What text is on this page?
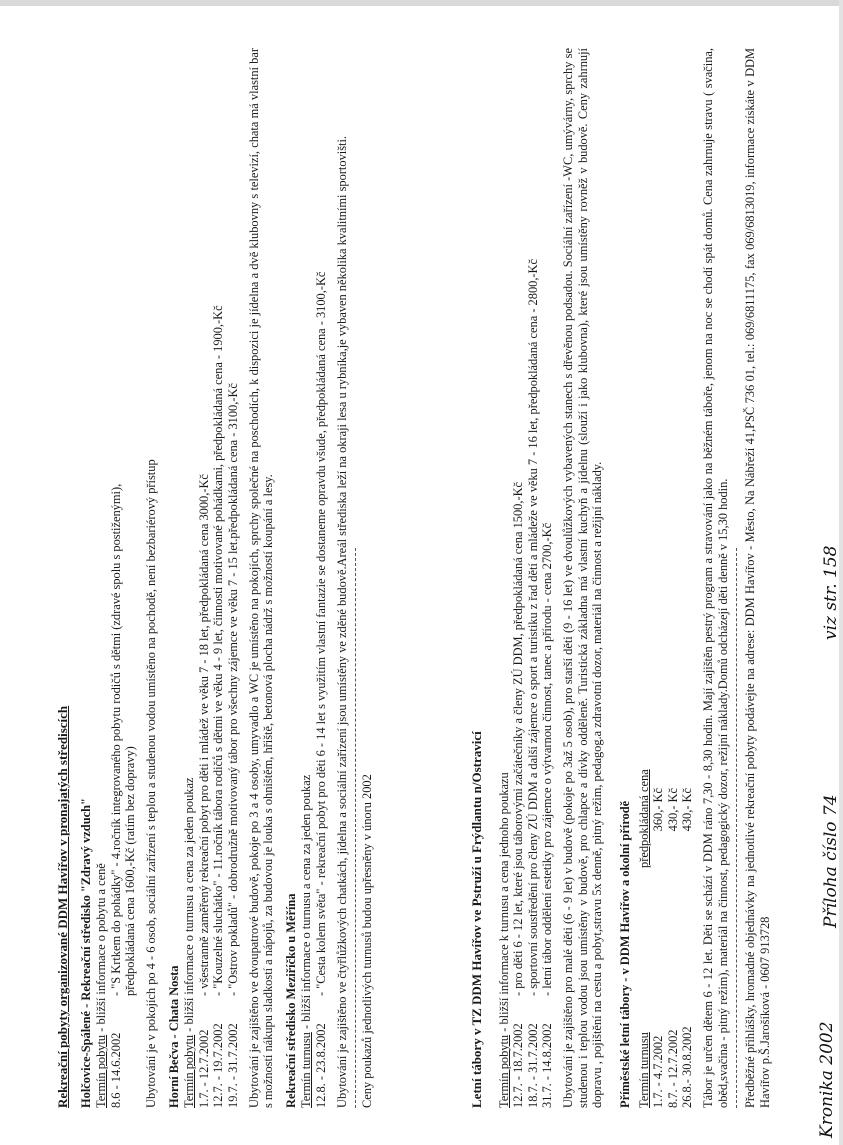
Rekreační pobyty organizované DDM Havířov v pronajatých střediscích Holčovice-Spálené - Rekreační středisko "Zdravý vzduch" Termín pobytu - bližší informace o pobytu a ceně
8.6 - 14.6.2002
- "S Krtkem do pohádky" - 4.ročník integrovaného pobytu rodičů s dětmi (zdravé spolu s postiženými), předpokládaná cena 1600,-Kč (ratím bez dopravy) Ubytování je v pokojích po 4 - 6 osob, sociální zařízení s teplou a studenou vodou umístěno na pochodě, není bezbariérový přístup Horní Bečva - Chata Nosta Termín pobytu - bližší informace o turnusu a cena za jeden poukaz
1.7. - 12.7.2002
- všestranně zaměřený rekreační pobyt pro děti i mládež ve věku 7 - 18 let, předpokládaná cena 3000,-Kč
12.7. - 19.7.2002
- "Kouzelné sluchátko" - 11.ročník tábora rodičů s dětmi ve věku 4 - 9 let, činnosti motivované pohádkami, předpokládaná cena - 1900,-Kč
19.7. - 31.7.2002
- "Ostrov pokladů" - dobrodružně motivovaný tábor pro všechny zájemce ve věku 7 - 15 let.předpokládaná cena - 3100,-Kč Ubytování je zajištěno ve dvoupatrové budově, pokoje po 3 a 4 osoby, umyvadlo a WC je umístěno na pokojích, sprchy společné na poschodích, k dispozici je jídelna a dvě klubovny s televizí, chata má vlastní bar s možností nákupu sladkostí a nápojů, za budovou je louka s ohništěm, hřiště, betonová plocha nádrž s možností koupání a lesy. Rekreační středisko Meziříčko u Měřína Termín turnusu - bližší informace o turnusu a cena za jeden poukaz
12.8. - 23.8.2002
- "Cesta kolem světa" - rekreační pobyt pro děti 6 - 14 let s využitím vlastní fantazie se dostaneme opravdu všude, předpokládaná cena - 3100,-Kč Ubytování je zajištěno ve čtyřlůžkových chatkách, jídelna a sociální zařízení jsou umístěny ve zděné budově.Areál střediska leží na okraji lesa u rybníka,je vybaven několika kvalitními sportovišti. Ceny poukazů jednotlivých turnusů budou upřesněny v únoru 2002	Letní tábory v TZ DDM Havířov ve Pstruží u Frýdlantu n/Ostravicí Termín pobytu - bližší informace k turnusu a cena jednoho poukazu
12.7. - 18.7.2002
- pro děti 6 - 12 let, které jsou táborovými začátečníky a členy ZÚ DDM, předpokládaná cena 1500,-Kč
18.7. - 31.7.2002
- sportovní soustředění pro členy ZÚ DDM a další zájemce o sport a turistiku z řad dětí a mládeže ve věku 7 - 16 let, předpokládaná cena - 2800,-Kč
31.7. - 14.8.2002
- letní tábor oddělení estetiky pro zájemce o výtvarnou činnost, tanec a přírodu - cena 2700,-Kč Ubytování je zajištěno pro malé děti (6 - 9 let) v budově (pokoje po 3až 5 osob), pro starší děti (9 - 16 let) ve dvoulůžkových vybavených stanech s dřevěnou podsadou. Sociální zařízení -WC, umývárny, sprchy se studenou i teplou vodou jsou umístěny v budově, pro chlapce a dívky odděleně. Turistická základna má vlastní kuchyň a jídelnu (slouží i jako klubovna), které jsou umístěny rovněž v budově. Ceny zahrnují dopravu , pojištění na cestu a pobyt,stravu 5x denně, pitný režim, pedagog.a zdravotní dozor, materiál na činnost a režijní náklady. Příměstské letní tábory - v DDM Havířov a okolní přírodě Termín turnusu
předpokládaná cena
1.7. - 4.7.2002
360,- Kč
8.7. - 12.7.2002
430,- Kč
26.8.- 30.8.2002
430,- Kč Tábor je určen dětem 6 - 12 let. Děti se schází v DDM ráno 7,30 - 8,30 hodin. Mají zajištěn pestrý program a stravování jako na běžném táboře, jenom na noc se chodí spát domů. Cena zahrnuje stravu ( svačina, oběd,svačina - pitný režim), materiál na činnost, pedagogický dozor, režijní náklady.Domů odcházejí děti denně v 15,30 hodin. Předběžné přihlášky, hromadné objednávky na jednotlivé rekreační pobyty podávejte na adrese: DDM Havířov - Město, Na Nábřeží 41,PSČ 736 01, tel.: 069/6811175, fax 069/6813019, informace získáte v DDM Havířov p.Š.Jarošíková - 0607 913728	Kronika 2002
Příloha číslo 74
viz str. 158
